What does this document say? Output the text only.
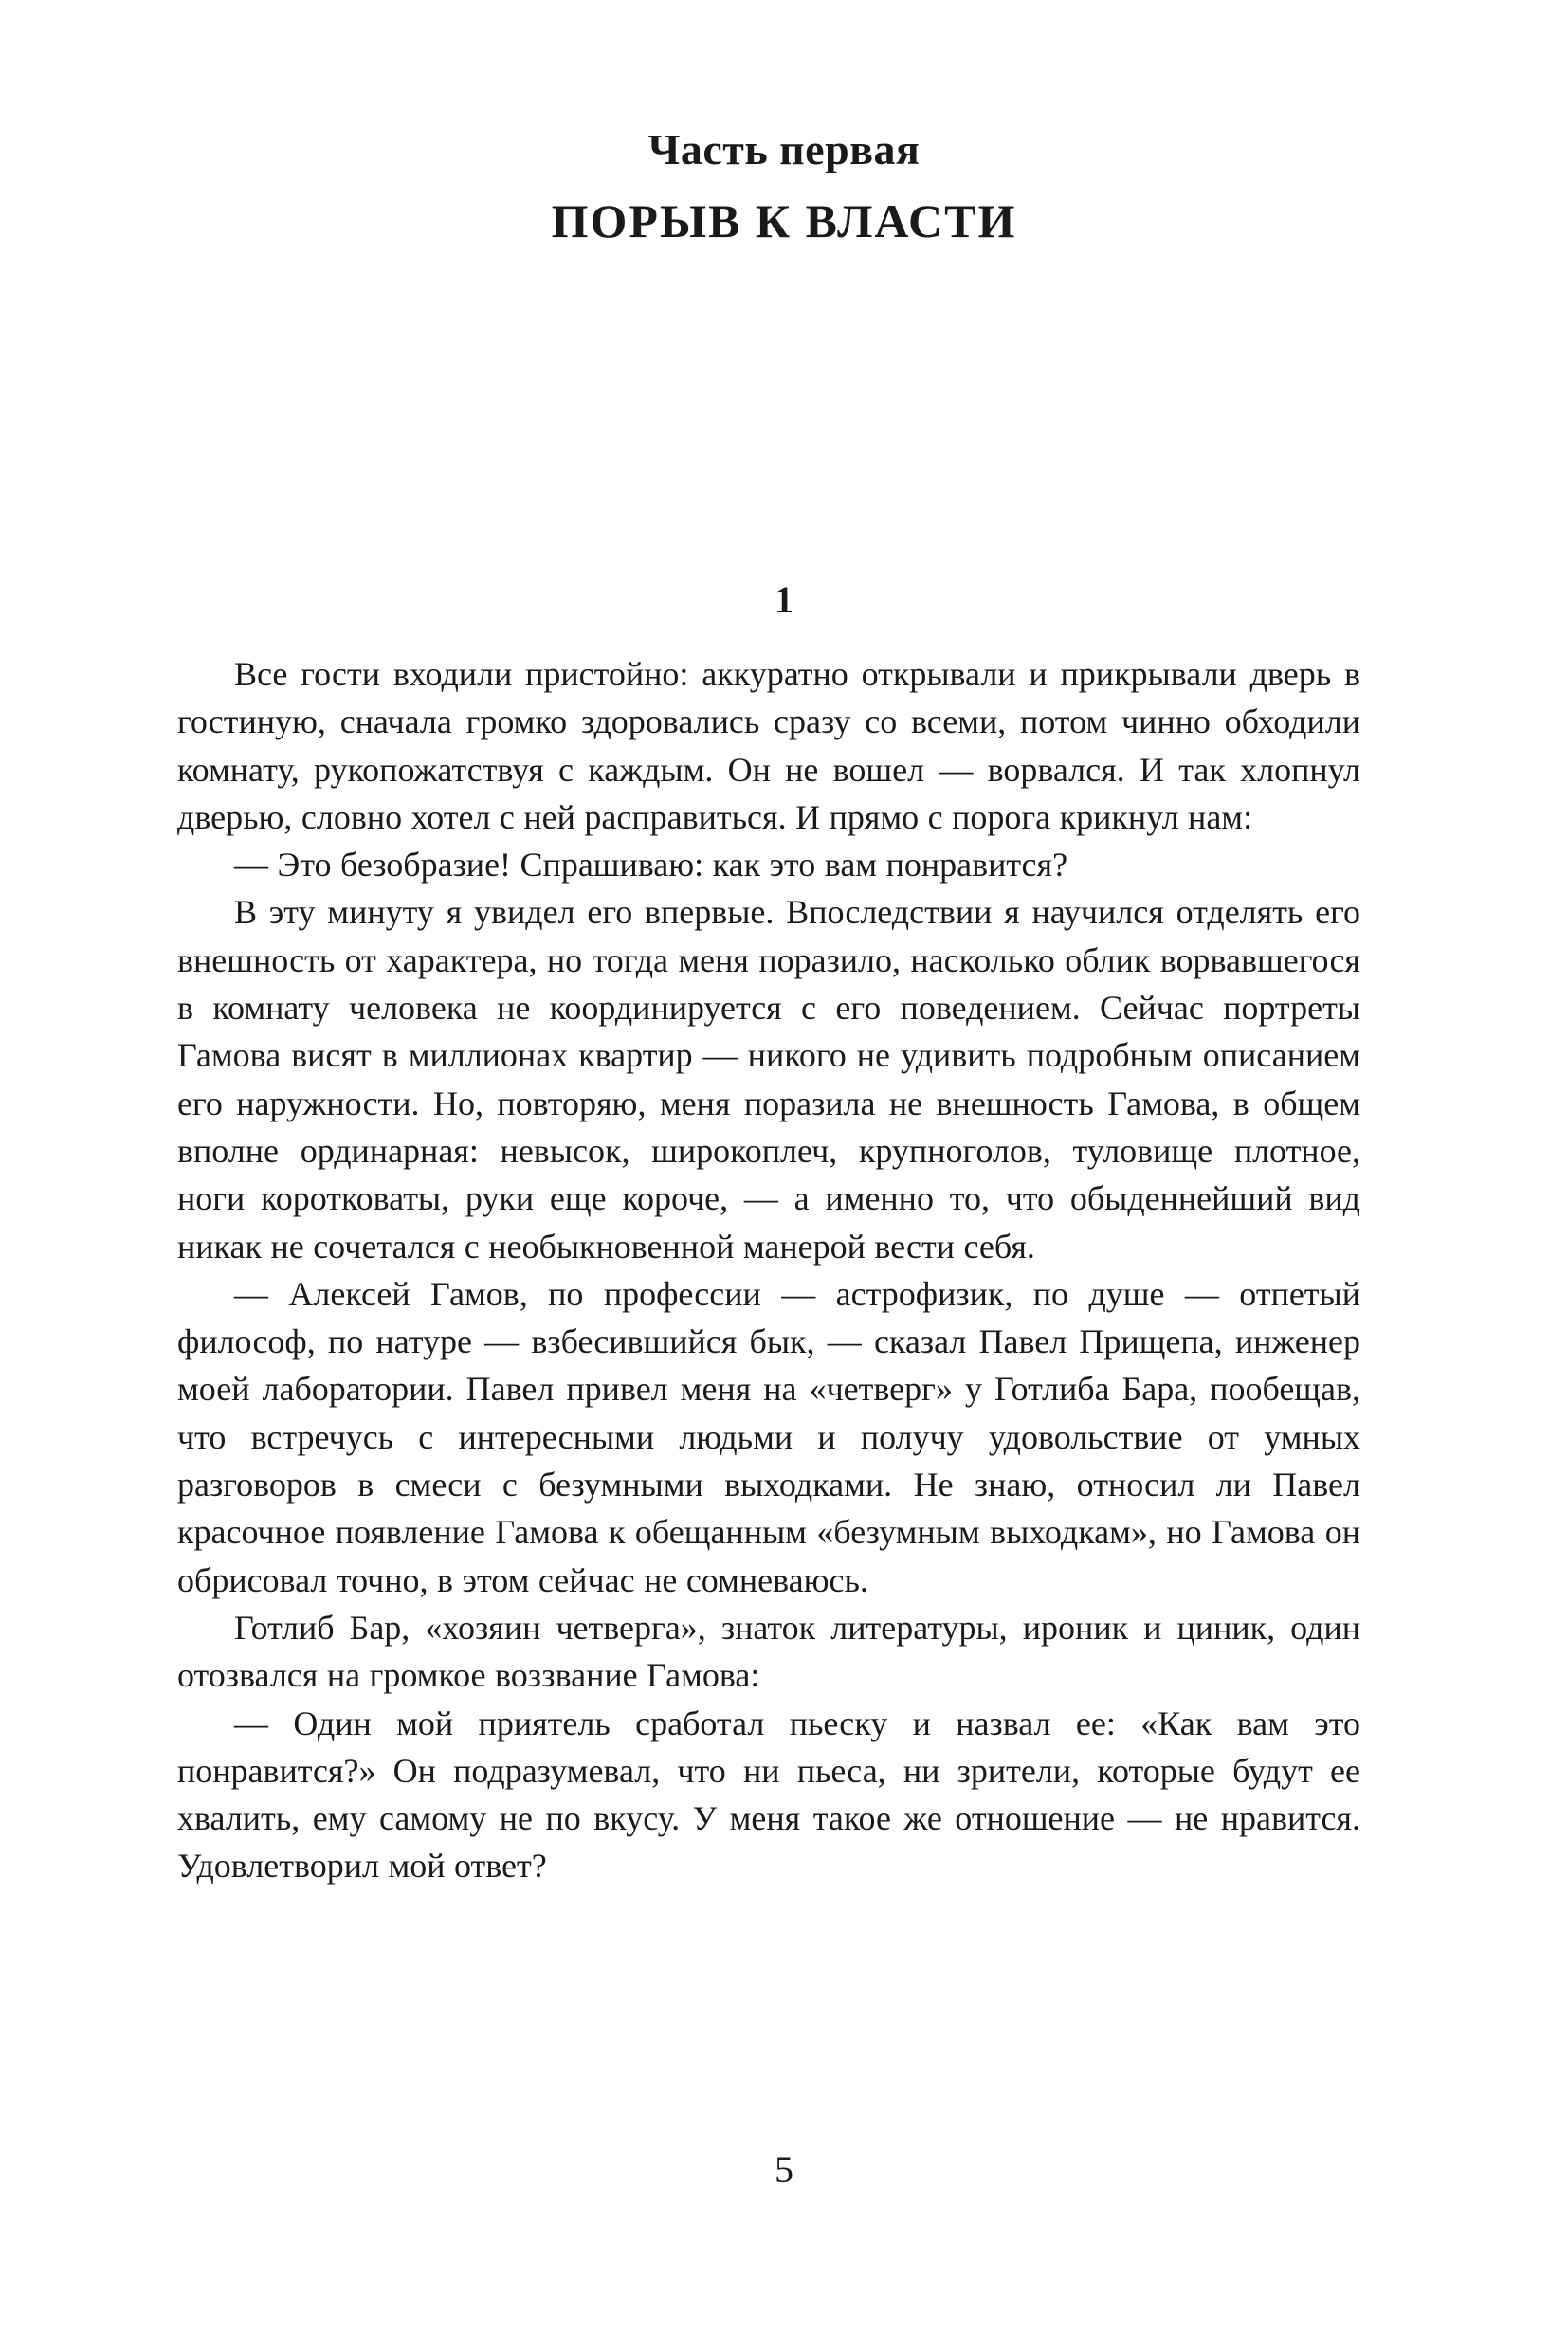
Часть первая
ПОРЫВ К ВЛАСТИ
1

Все гости входили пристойно: аккуратно открывали и прикрывали дверь в гостиную, сначала громко здоровались сразу со всеми, потом чинно обходили комнату, рукопожатствуя с каждым. Он не вошел — ворвался. И так хлопнул дверью, словно хотел с ней расправиться. И прямо с порога крикнул нам:

— Это безобразие! Спрашиваю: как это вам понравится?

В эту минуту я увидел его впервые. Впоследствии я научился отделять его внешность от характера, но тогда меня поразило, насколько облик ворвавшегося в комнату человека не координируется с его поведением. Сейчас портреты Гамова висят в миллионах квартир — никого не удивить подробным описанием его наружности. Но, повторяю, меня поразила не внешность Гамова, в общем вполне ординарная: невысок, широкоплеч, крупноголов, туловище плотное, ноги коротковаты, руки еще короче, — а именно то, что обыденнейший вид никак не сочетался с необыкновенной манерой вести себя.

— Алексей Гамов, по профессии — астрофизик, по душе — отпетый философ, по натуре — взбесившийся бык, — сказал Павел Прищепа, инженер моей лаборатории. Павел привел меня на «четверг» у Готлиба Бара, пообещав, что встречусь с интересными людьми и получу удовольствие от умных разговоров в смеси с безумными выходками. Не знаю, относил ли Павел красочное появление Гамова к обещанным «безумным выходкам», но Гамова он обрисовал точно, в этом сейчас не сомневаюсь.

Готлиб Бар, «хозяин четверга», знаток литературы, ироник и циник, один отозвался на громкое воззвание Гамова:

— Один мой приятель сработал пьеску и назвал ее: «Как вам это понравится?» Он подразумевал, что ни пьеса, ни зрители, которые будут ее хвалить, ему самому не по вкусу. У меня такое же отношение — не нравится. Удовлетворил мой ответ?

5
